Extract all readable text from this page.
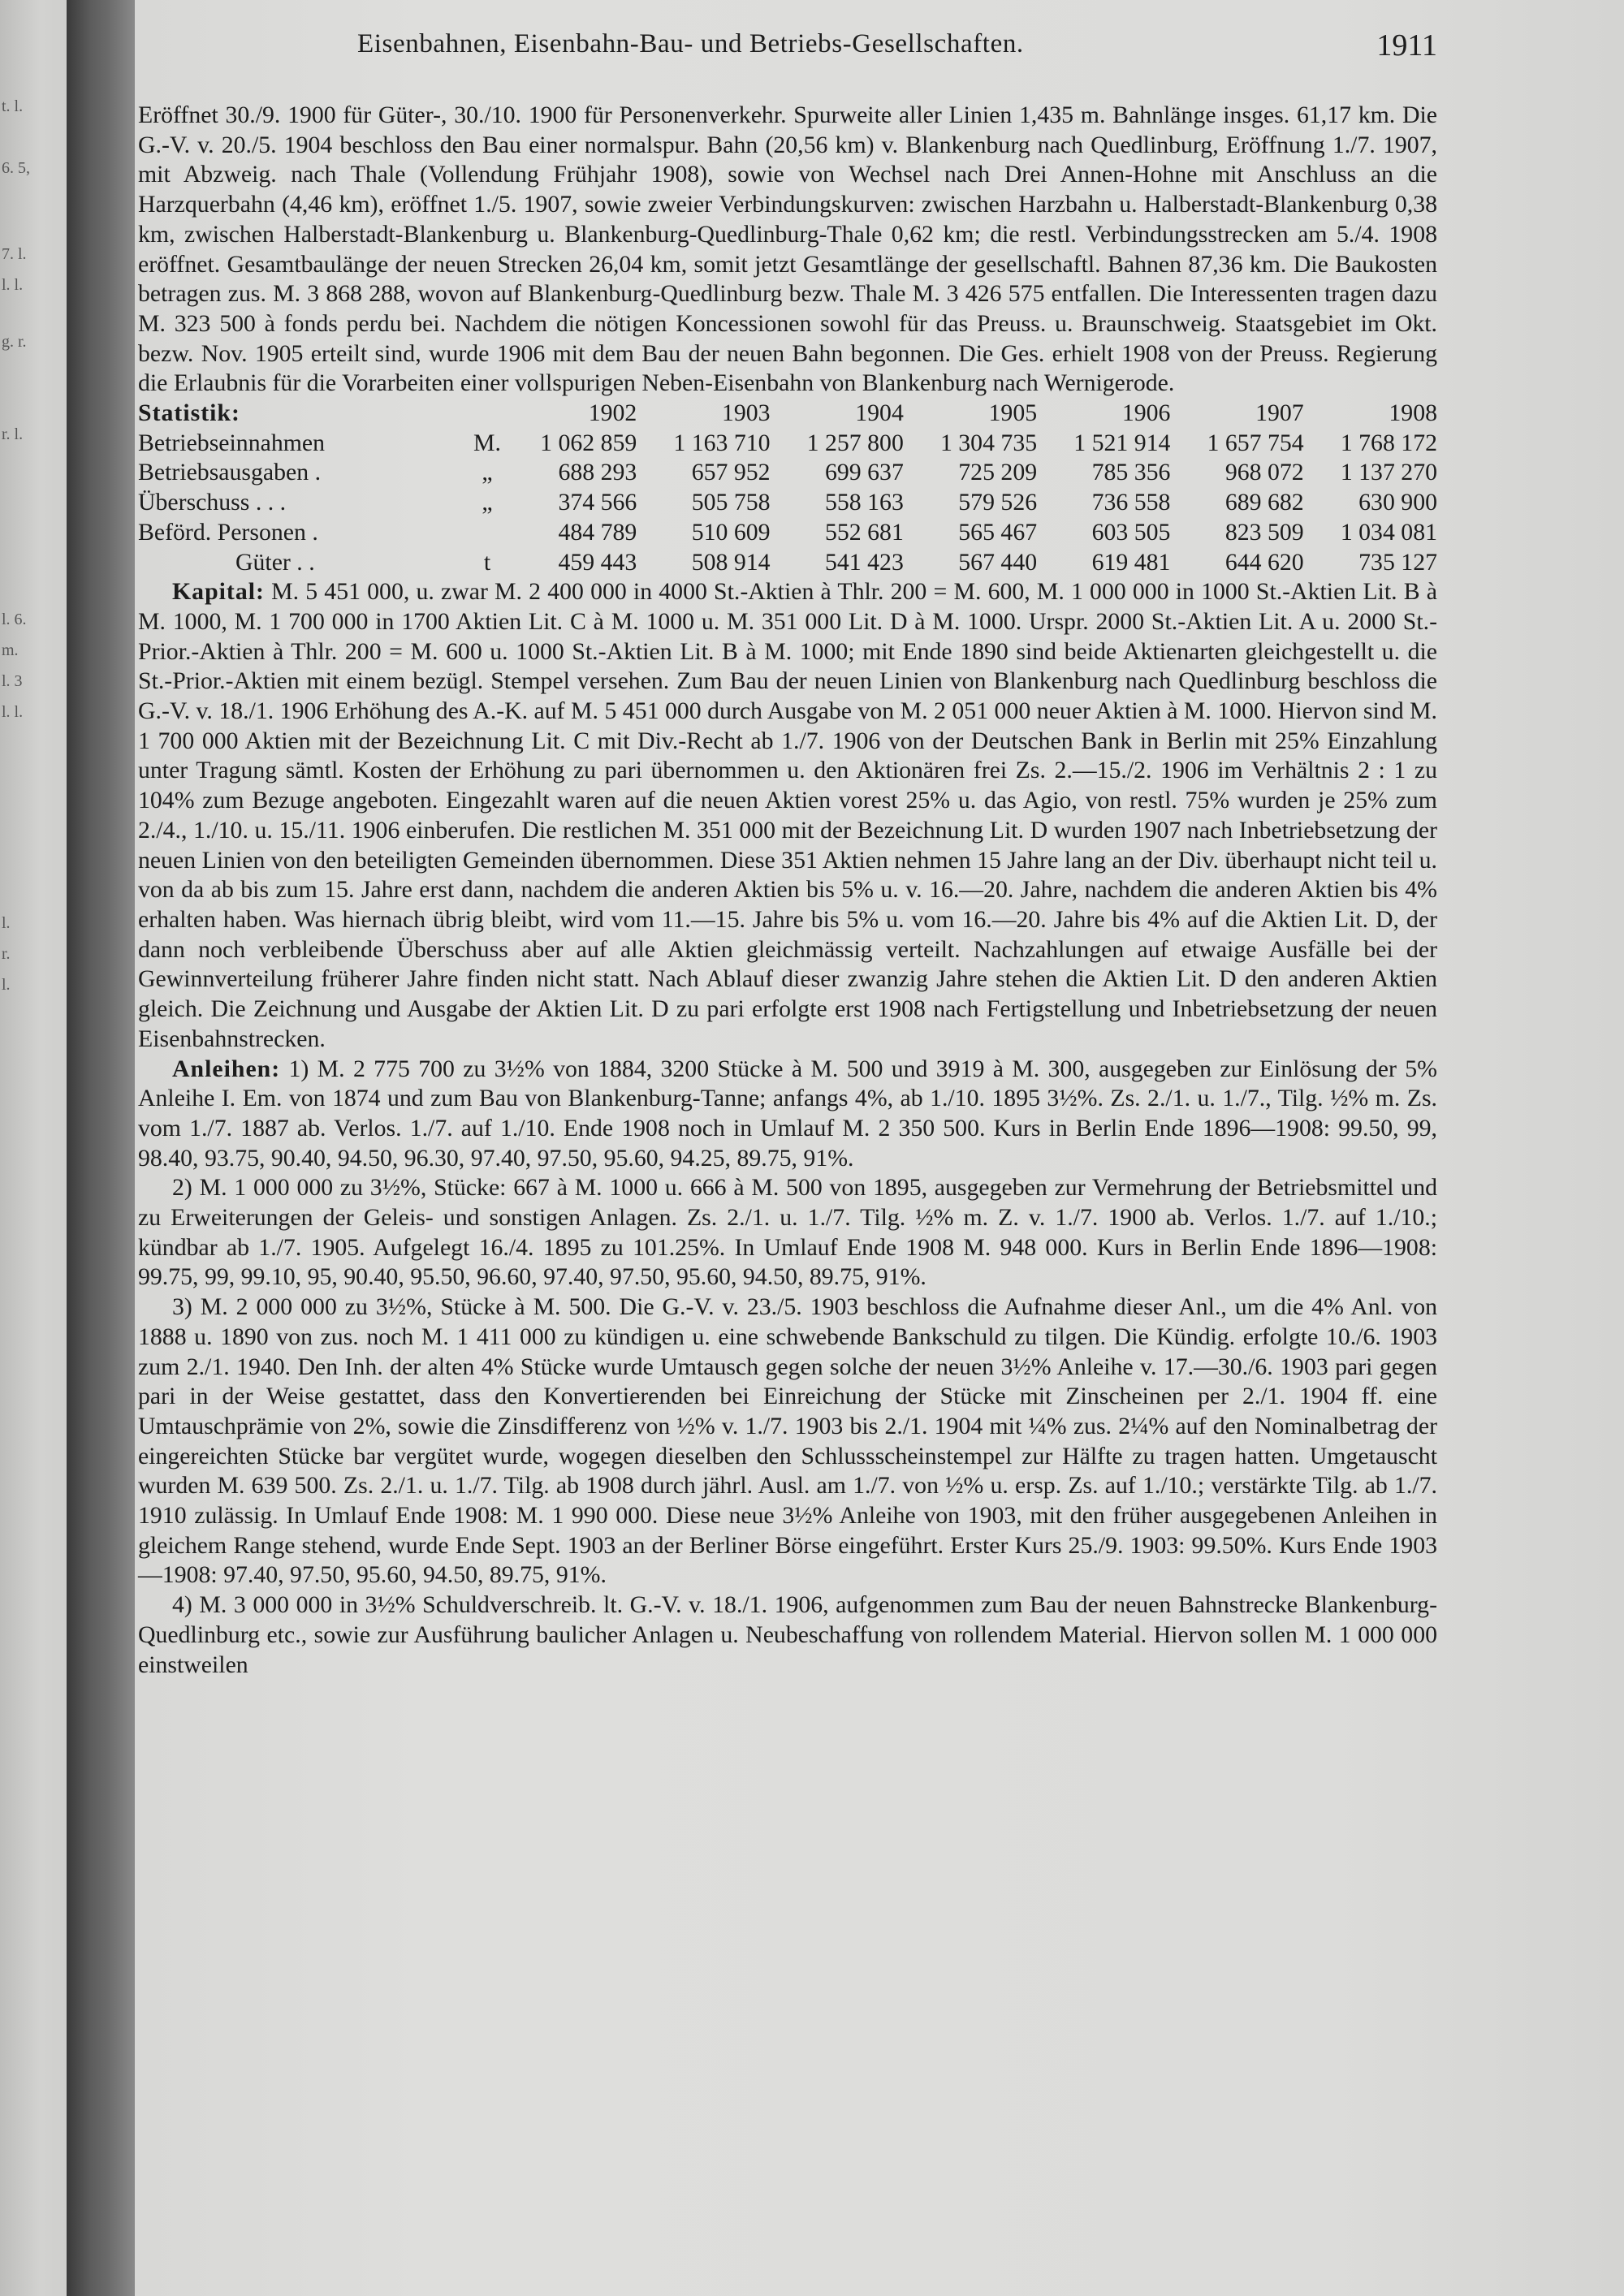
t. l.
6. 5,
7. l.
l. l.
g. r.
r. l.
l. 6.
m.
l. 3
l. l.
l.
r.
l.
Eisenbahnen, Eisenbahn-Bau- und Betriebs-Gesellschaften.	1911

Eröffnet 30./9. 1900 für Güter-, 30./10. 1900 für Personenverkehr. Spurweite aller Linien 1,435 m. Bahnlänge insges. 61,17 km. Die G.-V. v. 20./5. 1904 beschloss den Bau einer normalspur. Bahn (20,56 km) v. Blankenburg nach Quedlinburg, Eröffnung 1./7. 1907, mit Abzweig. nach Thale (Vollendung Frühjahr 1908), sowie von Wechsel nach Drei Annen-Hohne mit Anschluss an die Harzquerbahn (4,46 km), eröffnet 1./5. 1907, sowie zweier Verbindungskurven: zwischen Harzbahn u. Halberstadt-Blankenburg 0,38 km, zwischen Halberstadt-Blankenburg u. Blankenburg-Quedlinburg-Thale 0,62 km; die restl. Verbindungsstrecken am 5./4. 1908 eröffnet. Gesamtbaulänge der neuen Strecken 26,04 km, somit jetzt Gesamtlänge der gesellschaftl. Bahnen 87,36 km. Die Baukosten betragen zus. M. 3 868 288, wovon auf Blankenburg-Quedlinburg bezw. Thale M. 3 426 575 entfallen. Die Interessenten tragen dazu M. 323 500 à fonds perdu bei. Nachdem die nötigen Koncessionen sowohl für das Preuss. u. Braunschweig. Staatsgebiet im Okt. bezw. Nov. 1905 erteilt sind, wurde 1906 mit dem Bau der neuen Bahn begonnen. Die Ges. erhielt 1908 von der Preuss. Regierung die Erlaubnis für die Vorarbeiten einer vollspurigen Neben-Eisenbahn von Blankenburg nach Wernigerode.

Statistik:		1902	1903	1904	1905	1906	1907	1908
Betriebseinnahmen	M.	1 062 859	1 163 710	1 257 800	1 304 735	1 521 914	1 657 754	1 768 172
Betriebsausgaben .	„	688 293	657 952	699 637	725 209	785 356	968 072	1 137 270
Überschuss . . .	„	374 566	505 758	558 163	579 526	736 558	689 682	630 900
Beförd. Personen .		484 789	510 609	552 681	565 467	603 505	823 509	1 034 081
Güter . .	t	459 443	508 914	541 423	567 440	619 481	644 620	735 127

Kapital: M. 5 451 000, u. zwar M. 2 400 000 in 4000 St.-Aktien à Thlr. 200 = M. 600, M. 1 000 000 in 1000 St.-Aktien Lit. B à M. 1000, M. 1 700 000 in 1700 Aktien Lit. C à M. 1000 u. M. 351 000 Lit. D à M. 1000. Urspr. 2000 St.-Aktien Lit. A u. 2000 St.-Prior.-Aktien à Thlr. 200 = M. 600 u. 1000 St.-Aktien Lit. B à M. 1000; mit Ende 1890 sind beide Aktienarten gleichgestellt u. die St.-Prior.-Aktien mit einem bezügl. Stempel versehen. Zum Bau der neuen Linien von Blankenburg nach Quedlinburg beschloss die G.-V. v. 18./1. 1906 Erhöhung des A.-K. auf M. 5 451 000 durch Ausgabe von M. 2 051 000 neuer Aktien à M. 1000. Hiervon sind M. 1 700 000 Aktien mit der Bezeichnung Lit. C mit Div.-Recht ab 1./7. 1906 von der Deutschen Bank in Berlin mit 25% Einzahlung unter Tragung sämtl. Kosten der Erhöhung zu pari übernommen u. den Aktionären frei Zs. 2.—15./2. 1906 im Verhältnis 2 : 1 zu 104% zum Bezuge angeboten. Eingezahlt waren auf die neuen Aktien vorest 25% u. das Agio, von restl. 75% wurden je 25% zum 2./4., 1./10. u. 15./11. 1906 einberufen. Die restlichen M. 351 000 mit der Bezeichnung Lit. D wurden 1907 nach Inbetriebsetzung der neuen Linien von den beteiligten Gemeinden übernommen. Diese 351 Aktien nehmen 15 Jahre lang an der Div. überhaupt nicht teil u. von da ab bis zum 15. Jahre erst dann, nachdem die anderen Aktien bis 5% u. v. 16.—20. Jahre, nachdem die anderen Aktien bis 4% erhalten haben. Was hiernach übrig bleibt, wird vom 11.—15. Jahre bis 5% u. vom 16.—20. Jahre bis 4% auf die Aktien Lit. D, der dann noch verbleibende Überschuss aber auf alle Aktien gleichmässig verteilt. Nachzahlungen auf etwaige Ausfälle bei der Gewinnverteilung früherer Jahre finden nicht statt. Nach Ablauf dieser zwanzig Jahre stehen die Aktien Lit. D den anderen Aktien gleich. Die Zeichnung und Ausgabe der Aktien Lit. D zu pari erfolgte erst 1908 nach Fertigstellung und Inbetriebsetzung der neuen Eisenbahnstrecken.

Anleihen: 1) M. 2 775 700 zu 3½% von 1884, 3200 Stücke à M. 500 und 3919 à M. 300, ausgegeben zur Einlösung der 5% Anleihe I. Em. von 1874 und zum Bau von Blankenburg-Tanne; anfangs 4%, ab 1./10. 1895 3½%. Zs. 2./1. u. 1./7., Tilg. ½% m. Zs. vom 1./7. 1887 ab. Verlos. 1./7. auf 1./10. Ende 1908 noch in Umlauf M. 2 350 500. Kurs in Berlin Ende 1896—1908: 99.50, 99, 98.40, 93.75, 90.40, 94.50, 96.30, 97.40, 97.50, 95.60, 94.25, 89.75, 91%.

2) M. 1 000 000 zu 3½%, Stücke: 667 à M. 1000 u. 666 à M. 500 von 1895, ausgegeben zur Vermehrung der Betriebsmittel und zu Erweiterungen der Geleis- und sonstigen Anlagen. Zs. 2./1. u. 1./7. Tilg. ½% m. Z. v. 1./7. 1900 ab. Verlos. 1./7. auf 1./10.; kündbar ab 1./7. 1905. Aufgelegt 16./4. 1895 zu 101.25%. In Umlauf Ende 1908 M. 948 000. Kurs in Berlin Ende 1896—1908: 99.75, 99, 99.10, 95, 90.40, 95.50, 96.60, 97.40, 97.50, 95.60, 94.50, 89.75, 91%.

3) M. 2 000 000 zu 3½%, Stücke à M. 500. Die G.-V. v. 23./5. 1903 beschloss die Aufnahme dieser Anl., um die 4% Anl. von 1888 u. 1890 von zus. noch M. 1 411 000 zu kündigen u. eine schwebende Bankschuld zu tilgen. Die Kündig. erfolgte 10./6. 1903 zum 2./1. 1940. Den Inh. der alten 4% Stücke wurde Umtausch gegen solche der neuen 3½% Anleihe v. 17.—30./6. 1903 pari gegen pari in der Weise gestattet, dass den Konvertierenden bei Einreichung der Stücke mit Zinscheinen per 2./1. 1904 ff. eine Umtauschprämie von 2%, sowie die Zinsdifferenz von ½% v. 1./7. 1903 bis 2./1. 1904 mit ¼% zus. 2¼% auf den Nominalbetrag der eingereichten Stücke bar vergütet wurde, wogegen dieselben den Schlussscheinstempel zur Hälfte zu tragen hatten. Umgetauscht wurden M. 639 500. Zs. 2./1. u. 1./7. Tilg. ab 1908 durch jährl. Ausl. am 1./7. von ½% u. ersp. Zs. auf 1./10.; verstärkte Tilg. ab 1./7. 1910 zulässig. In Umlauf Ende 1908: M. 1 990 000. Diese neue 3½% Anleihe von 1903, mit den früher ausgegebenen Anleihen in gleichem Range stehend, wurde Ende Sept. 1903 an der Berliner Börse eingeführt. Erster Kurs 25./9. 1903: 99.50%. Kurs Ende 1903—1908: 97.40, 97.50, 95.60, 94.50, 89.75, 91%.

4) M. 3 000 000 in 3½% Schuldverschreib. lt. G.-V. v. 18./1. 1906, aufgenommen zum Bau der neuen Bahnstrecke Blankenburg-Quedlinburg etc., sowie zur Ausführung baulicher Anlagen u. Neubeschaffung von rollendem Material. Hiervon sollen M. 1 000 000 einstweilen
